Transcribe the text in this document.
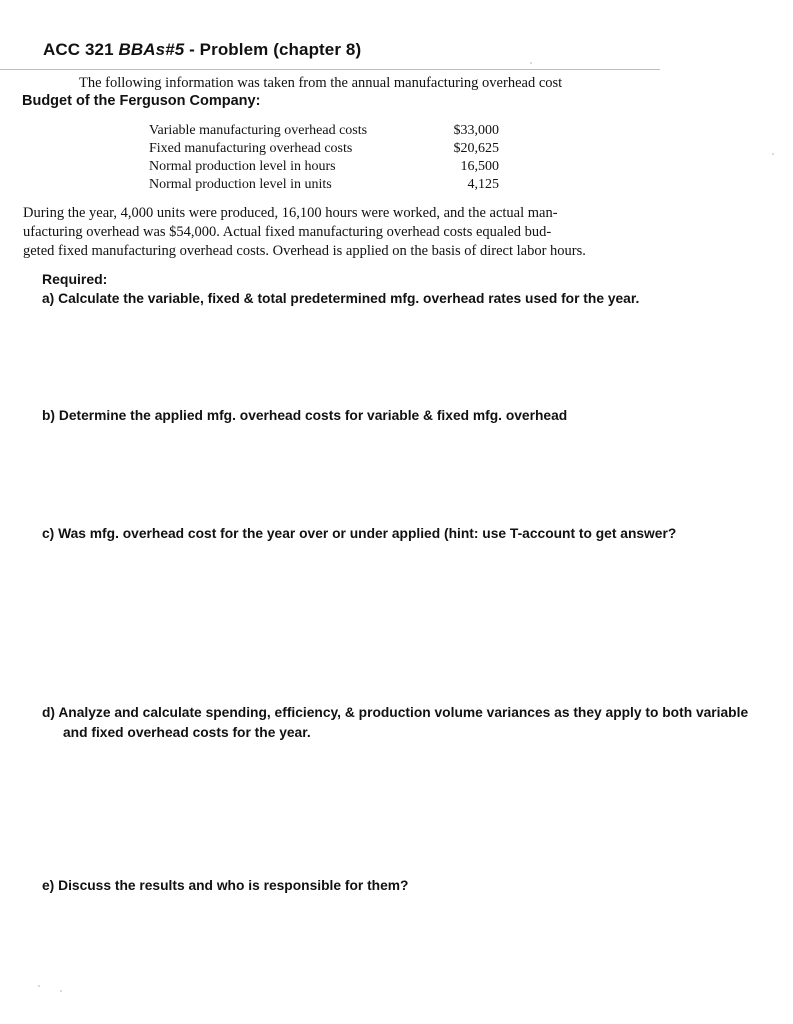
ACC 321 BBAs#5 - Problem (chapter 8)
The following information was taken from the annual manufacturing overhead cost
Budget of the Ferguson Company:
Variable manufacturing overhead costs	$33,000
Fixed manufacturing overhead costs	$20,625
Normal production level in hours	16,500
Normal production level in units	4,125
During the year, 4,000 units were produced, 16,100 hours were worked, and the actual man-
ufacturing overhead was $54,000. Actual fixed manufacturing overhead costs equaled bud-
geted fixed manufacturing overhead costs. Overhead is applied on the basis of direct labor hours.
Required:
a) Calculate the variable, fixed & total predetermined mfg. overhead rates used for the year.
b) Determine the applied mfg. overhead costs for variable & fixed mfg. overhead
c) Was mfg. overhead cost for the year over or under applied (hint: use T-account to get answer?
d) Analyze and calculate spending, efficiency, & production volume variances as they apply to both variable
and fixed overhead costs for the year.
e) Discuss the results and who is responsible for them?
